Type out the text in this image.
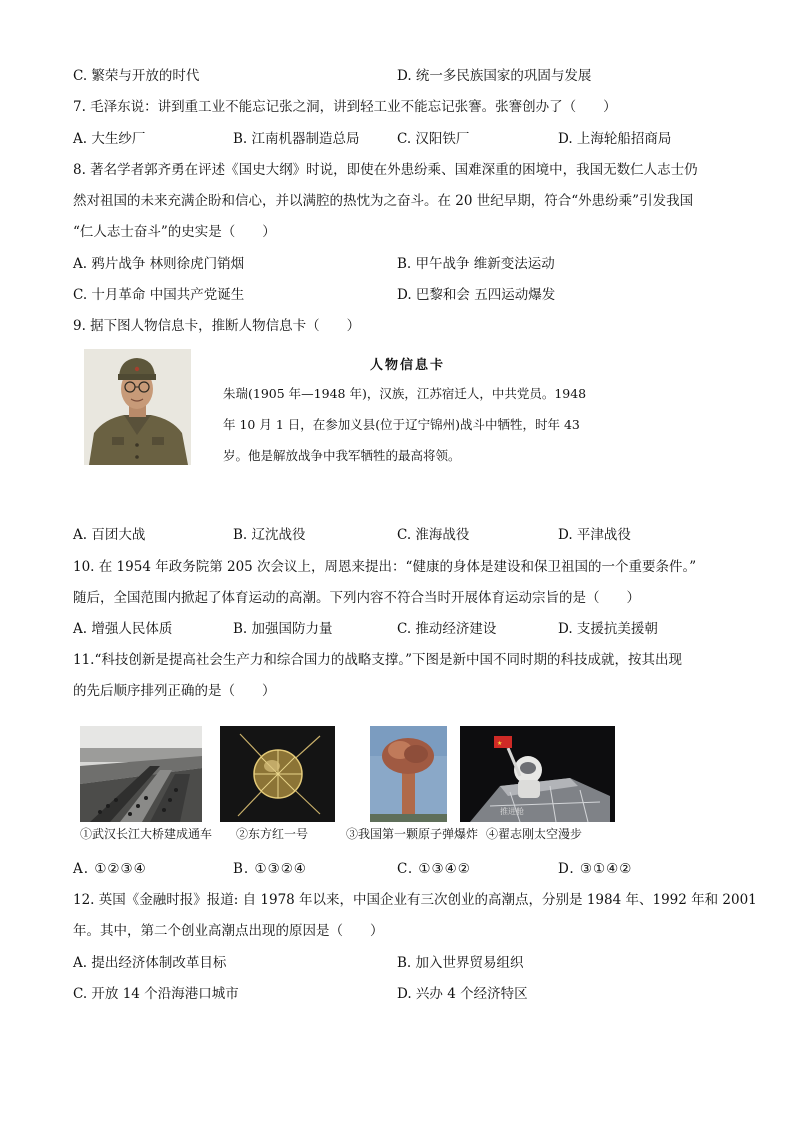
C. 繁荣与开放的时代	D. 统一多民族国家的巩固与发展
7. 毛泽东说：讲到重工业不能忘记张之洞，讲到轻工业不能忘记张謇。张謇创办了（　　）
A. 大生纱厂	B. 江南机器制造总局	C. 汉阳铁厂	D. 上海轮船招商局
8. 著名学者郭齐勇在评述《国史大纲》时说，即使在外患纷乘、国难深重的困境中，我国无数仁人志士仍
然对祖国的未来充满企盼和信心，并以满腔的热忱为之奋斗。在 20 世纪早期，符合“外患纷乘”引发我国
“仁人志士奋斗”的史实是（　　）
A. 鸦片战争 林则徐虎门销烟	B. 甲午战争 维新变法运动
C. 十月革命 中国共产党诞生	D. 巴黎和会 五四运动爆发
9. 据下图人物信息卡，推断人物信息卡（　　）
人物信息卡
朱瑞(1905 年—1948 年)，汉族，江苏宿迁人，中共党员。1948
年 10 月 1 日，在参加义县(位于辽宁锦州)战斗中牺牲，时年 43
岁。他是解放战争中我军牺牲的最高将领。
A. 百团大战	B. 辽沈战役	C. 淮海战役	D. 平津战役
10. 在 1954 年政务院第 205 次会议上，周恩来提出：“健康的身体是建设和保卫祖国的一个重要条件。”
随后，全国范围内掀起了体育运动的高潮。下列内容不符合当时开展体育运动宗旨的是（　　）
A. 增强人民体质	B. 加强国防力量	C. 推动经济建设	D. 支援抗美援朝
11.“科技创新是提高社会生产力和综合国力的战略支撑。”下图是新中国不同时期的科技成就，按其出现
的先后顺序排列正确的是（　　）
★
推进舱
①武汉长江大桥建成通车 ②东方红一号	③我国第一颗原子弹爆炸 ④翟志刚太空漫步
A. ①②③④	B. ①③②④	C. ①③④②	D. ③①④②
12. 英国《金融时报》报道: 自 1978 年以来，中国企业有三次创业的高潮点，分别是 1984 年、1992 年和 2001
年。其中，第二个创业高潮点出现的原因是（　　）
A. 提出经济体制改革目标	B. 加入世界贸易组织
C. 开放 14 个沿海港口城市	D. 兴办 4 个经济特区
